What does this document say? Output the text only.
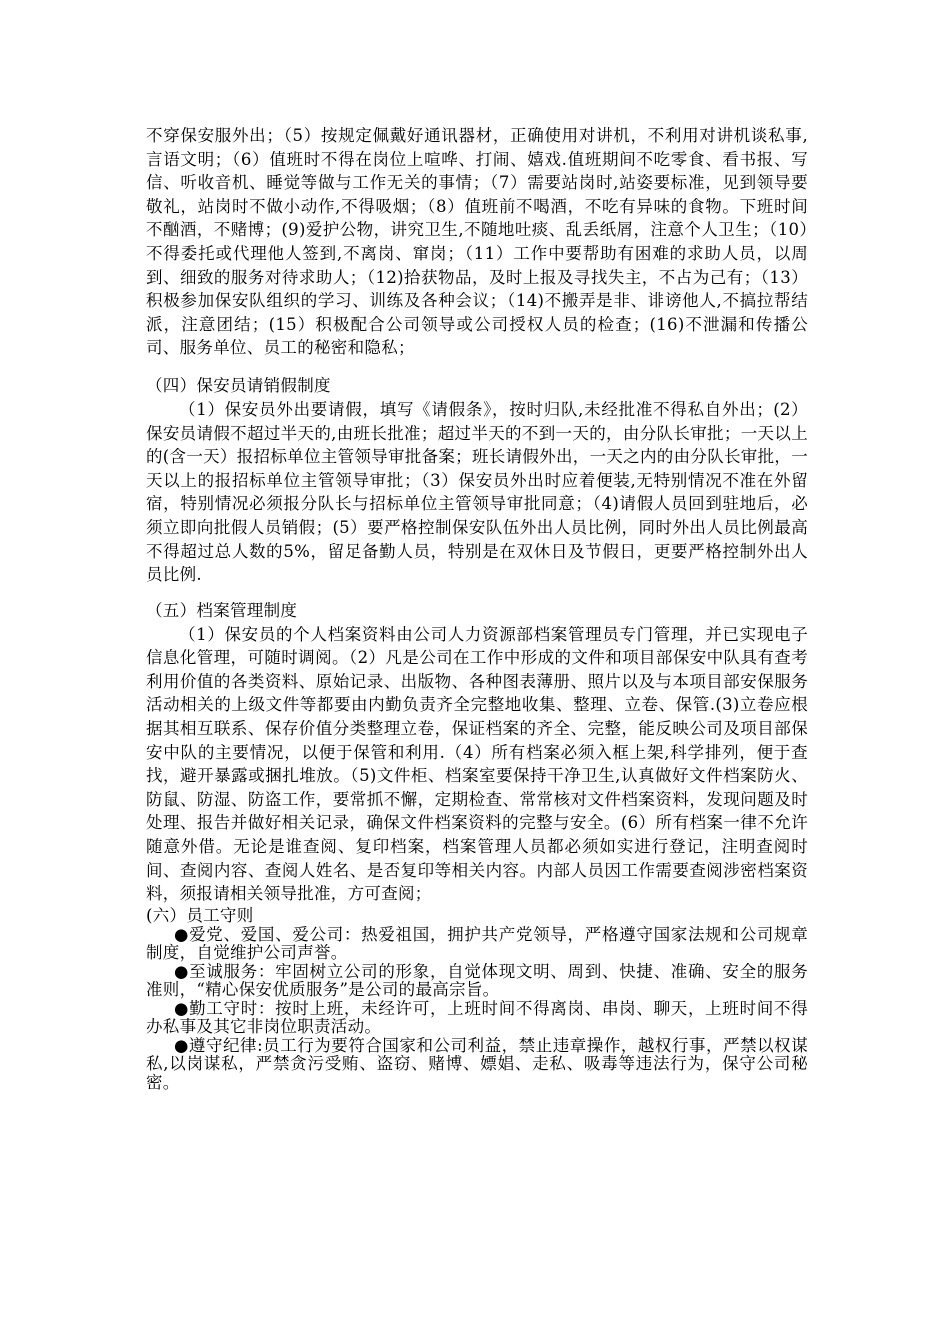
不穿保安服外出；（5）按规定佩戴好通讯器材，正确使用对讲机，不利用对讲机谈私事,言语文明；（6）值班时不得在岗位上喧哗、打闹、嬉戏.值班期间不吃零食、看书报、写信、听收音机、睡觉等做与工作无关的事情；（7）需要站岗时,站姿要标准，见到领导要敬礼，站岗时不做小动作,不得吸烟；（8）值班前不喝酒，不吃有异味的食物。下班时间不酗酒，不赌博；(9)爱护公物，讲究卫生,不随地吐痰、乱丢纸屑，注意个人卫生；（10）不得委托或代理他人签到,不离岗、窜岗；（11）工作中要帮助有困难的求助人员，以周到、细致的服务对待求助人；（12)拾获物品，及时上报及寻找失主，不占为己有；（13）积极参加保安队组织的学习、训练及各种会议；（14)不搬弄是非、诽谤他人,不搞拉帮结派，注意团结；(15）积极配合公司领导或公司授权人员的检查；(16)不泄漏和传播公司、服务单位、员工的秘密和隐私；

（四）保安员请销假制度

（1）保安员外出要请假，填写《请假条》，按时归队,未经批准不得私自外出；(2）保安员请假不超过半天的,由班长批准；超过半天的不到一天的，由分队长审批；一天以上的(含一天）报招标单位主管领导审批备案；班长请假外出，一天之内的由分队长审批，一天以上的报招标单位主管领导审批；（3）保安员外出时应着便装,无特别情况不准在外留宿，特别情况必须报分队长与招标单位主管领导审批同意；（4)请假人员回到驻地后，必须立即向批假人员销假；(5）要严格控制保安队伍外出人员比例，同时外出人员比例最高不得超过总人数的5%，留足备勤人员，特别是在双休日及节假日，更要严格控制外出人员比例.

（五）档案管理制度

（1）保安员的个人档案资料由公司人力资源部档案管理员专门管理，并已实现电子信息化管理，可随时调阅。（2）凡是公司在工作中形成的文件和项目部保安中队具有查考利用价值的各类资料、原始记录、出版物、各种图表薄册、照片以及与本项目部安保服务活动相关的上级文件等都要由内勤负责齐全完整地收集、整理、立卷、保管.(3)立卷应根据其相互联系、保存价值分类整理立卷，保证档案的齐全、完整，能反映公司及项目部保安中队的主要情况，以便于保管和利用.（4）所有档案必须入框上架,科学排列，便于查找，避开暴露或捆扎堆放。（5)文件柜、档案室要保持干净卫生,认真做好文件档案防火、防鼠、防湿、防盗工作，要常抓不懈，定期检查、常常核对文件档案资料，发现问题及时处理、报告并做好相关记录，确保文件档案资料的完整与安全。(6）所有档案一律不允许随意外借。无论是谁查阅、复印档案，档案管理人员都必须如实进行登记，注明查阅时间、查阅内容、查阅人姓名、是否复印等相关内容。内部人员因工作需要查阅涉密档案资料，须报请相关领导批准，方可查阅；

(六）员工守则

●爱党、爱国、爱公司：热爱祖国，拥护共产党领导，严格遵守国家法规和公司规章制度，自觉维护公司声誉。

●至诚服务：牢固树立公司的形象，自觉体现文明、周到、快捷、准确、安全的服务准则，“精心保安优质服务”是公司的最高宗旨。

●勤工守时：按时上班，未经许可，上班时间不得离岗、串岗、聊天，上班时间不得办私事及其它非岗位职责活动。

●遵守纪律:员工行为要符合国家和公司利益，禁止违章操作，越权行事，严禁以权谋私,以岗谋私，严禁贪污受贿、盗窃、赌博、嫖娼、走私、吸毒等违法行为，保守公司秘密。
